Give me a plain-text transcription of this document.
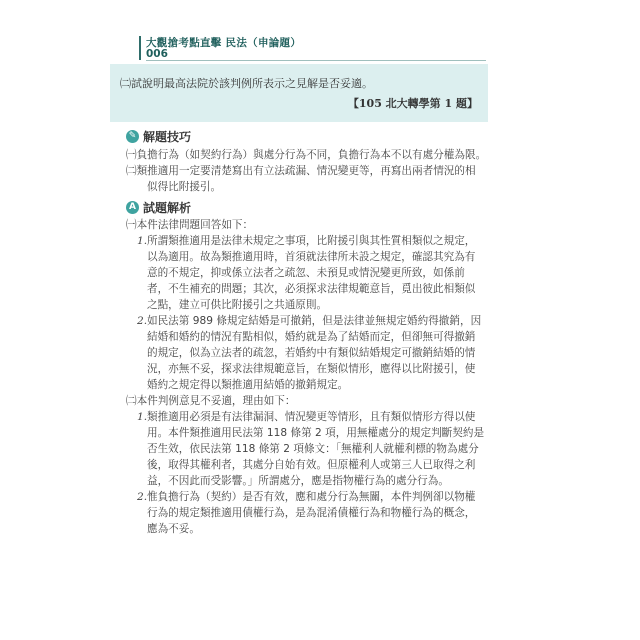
大觀搶考點直擊 民法（申論題）
006
㈡試說明最高法院於該判例所表示之見解是否妥適。
【105 北大轉學第 1 題】
✎ 解題技巧
㈠負擔行為（如契約行為）與處分行為不同，負擔行為本不以有處分權為限。
㈡類推適用一定要清楚寫出有立法疏漏、情況變更等，再寫出兩者情況的相
似得比附援引。
A 試題解析
㈠本件法律問題回答如下：
1. 所謂類推適用是法律未規定之事項，比附援引與其性質相類似之規定，
以為適用。故為類推適用時，首須就法律所未設之規定，確認其究為有
意的不規定，抑或係立法者之疏忽、未預見或情況變更所致，如係前
者，不生補充的問題；其次，必須探求法律規範意旨，覓出彼此相類似
之點，建立可供比附援引之共通原則。
2. 如民法第 989 條規定結婚是可撤銷，但是法律並無規定婚約得撤銷，因
結婚和婚約的情況有點相似，婚約就是為了結婚而定，但卻無可得撤銷
的規定，似為立法者的疏忽，若婚約中有類似結婚規定可撤銷結婚的情
況，亦無不妥，探求法律規範意旨，在類似情形，應得以比附援引，使
婚約之規定得以類推適用結婚的撤銷規定。
㈡本件判例意見不妥適，理由如下：
1. 類推適用必須是有法律漏洞、情況變更等情形，且有類似情形方得以使
用。本件類推適用民法第 118 條第 2 項，用無權處分的規定判斷契約是
否生效，依民法第 118 條第 2 項條文：「無權利人就權利標的物為處分
後，取得其權利者，其處分自始有效。但原權利人或第三人已取得之利
益，不因此而受影響。」所謂處分，應是指物權行為的處分行為。
2. 惟負擔行為（契約）是否有效，應和處分行為無關，本件判例卻以物權
行為的規定類推適用債權行為，是為混淆債權行為和物權行為的概念，
應為不妥。
